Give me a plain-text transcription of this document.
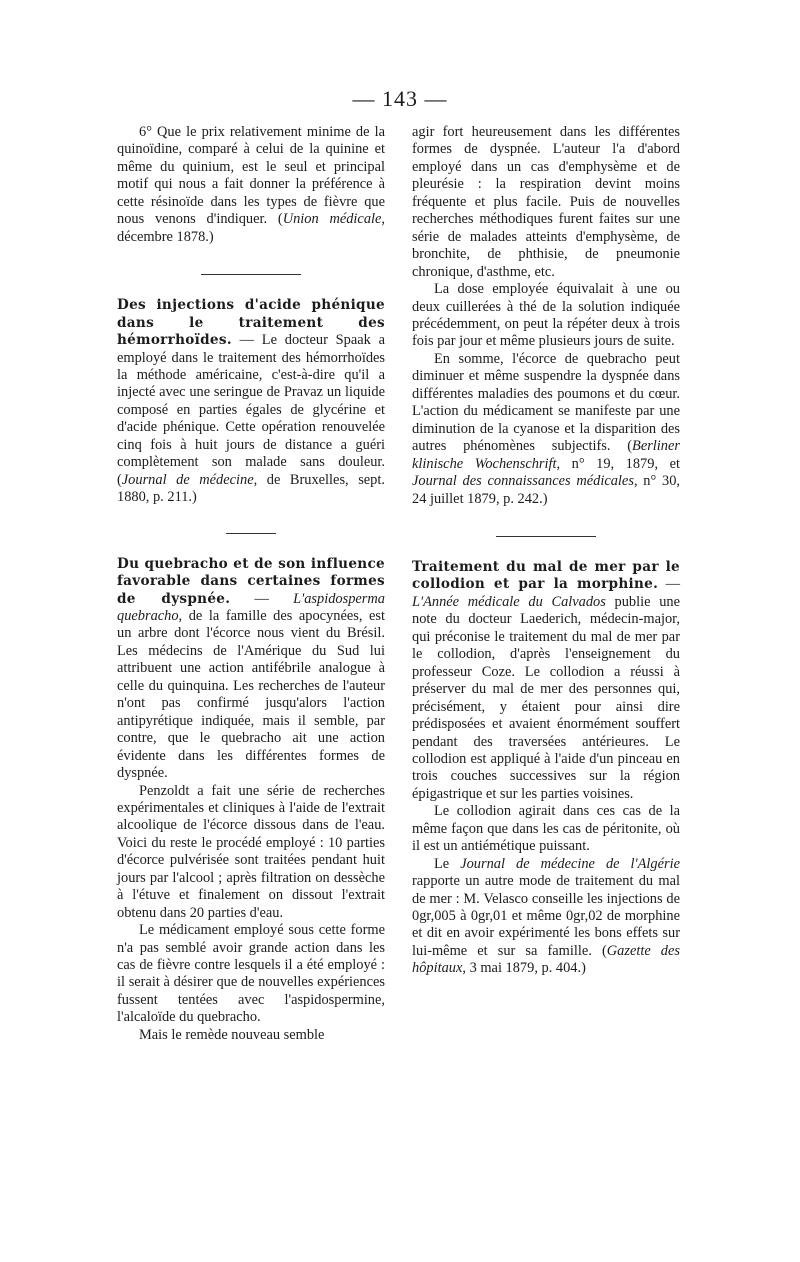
— 143 —

6° Que le prix relativement minime de la quinoïdine, comparé à celui de la quinine et même du quinium, est le seul et principal motif qui nous a fait donner la préférence à cette résinoïde dans les types de fièvre que nous venons d'indiquer. (Union médicale, décembre 1878.)

Des injections d'acide phénique dans le traitement des hémorrhoïdes. — Le docteur Spaak a employé dans le traitement des hémorrhoïdes la méthode américaine, c'est-à-dire qu'il a injecté avec une seringue de Pravaz un liquide composé en parties égales de glycérine et d'acide phénique. Cette opération renouvelée cinq fois à huit jours de distance a guéri complètement son malade sans douleur. (Journal de médecine, de Bruxelles, sept. 1880, p. 211.)

Du quebracho et de son influence favorable dans certaines formes de dyspnée. — L'aspidosperma quebracho, de la famille des apocynées, est un arbre dont l'écorce nous vient du Brésil. Les médecins de l'Amérique du Sud lui attribuent une action antifébrile analogue à celle du quinquina. Les recherches de l'auteur n'ont pas confirmé jusqu'alors l'action antipyrétique indiquée, mais il semble, par contre, que le quebracho ait une action évidente dans les différentes formes de dyspnée.

Penzoldt a fait une série de recherches expérimentales et cliniques à l'aide de l'extrait alcoolique de l'écorce dissous dans de l'eau. Voici du reste le procédé employé : 10 parties d'écorce pulvérisée sont traitées pendant huit jours par l'alcool ; après filtration on dessèche à l'étuve et finalement on dissout l'extrait obtenu dans 20 parties d'eau.

Le médicament employé sous cette forme n'a pas semblé avoir grande action dans les cas de fièvre contre lesquels il a été employé : il serait à désirer que de nouvelles expériences fussent tentées avec l'aspidospermine, l'alcaloïde du quebracho.

Mais le remède nouveau semble

agir fort heureusement dans les différentes formes de dyspnée. L'auteur l'a d'abord employé dans un cas d'emphysème et de pleurésie : la respiration devint moins fréquente et plus facile. Puis de nouvelles recherches méthodiques furent faites sur une série de malades atteints d'emphysème, de bronchite, de phthisie, de pneumonie chronique, d'asthme, etc.

La dose employée équivalait à une ou deux cuillerées à thé de la solution indiquée précédemment, on peut la répéter deux à trois fois par jour et même plusieurs jours de suite.

En somme, l'écorce de quebracho peut diminuer et même suspendre la dyspnée dans différentes maladies des poumons et du cœur. L'action du médicament se manifeste par une diminution de la cyanose et la disparition des autres phénomènes subjectifs. (Berliner klinische Wochenschrift, n° 19, 1879, et Journal des connaissances médicales, n° 30, 24 juillet 1879, p. 242.)

Traitement du mal de mer par le collodion et par la morphine. — L'Année médicale du Calvados publie une note du docteur Laederich, médecin-major, qui préconise le traitement du mal de mer par le collodion, d'après l'enseignement du professeur Coze. Le collodion a réussi à préserver du mal de mer des personnes qui, précisément, y étaient pour ainsi dire prédisposées et avaient énormément souffert pendant des traversées antérieures. Le collodion est appliqué à l'aide d'un pinceau en trois couches successives sur la région épigastrique et sur les parties voisines.

Le collodion agirait dans ces cas de la même façon que dans les cas de péritonite, où il est un antiémétique puissant.

Le Journal de médecine de l'Algérie rapporte un autre mode de traitement du mal de mer : M. Velasco conseille les injections de 0gr,005 à 0gr,01 et même 0gr,02 de morphine et dit en avoir expérimenté les bons effets sur lui-même et sur sa famille. (Gazette des hôpitaux, 3 mai 1879, p. 404.)
